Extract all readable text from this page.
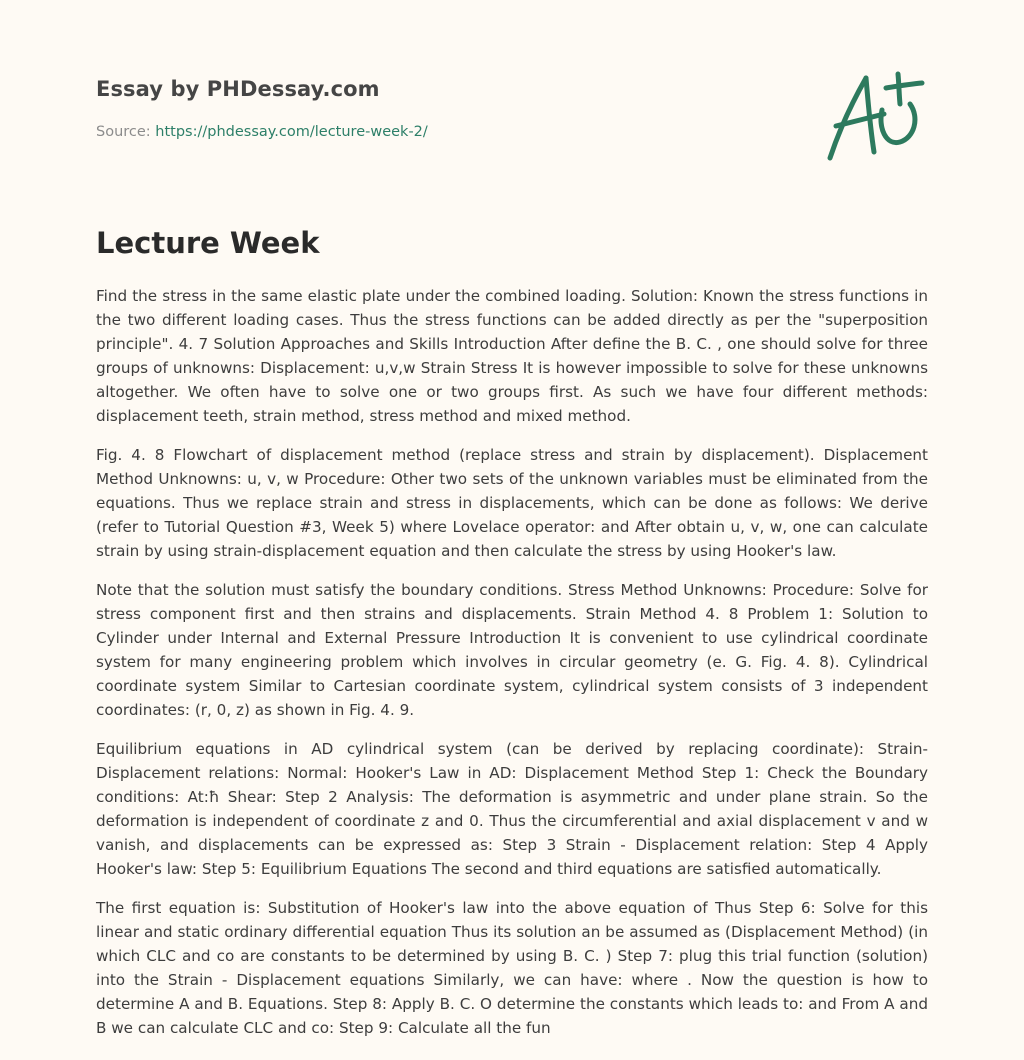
Essay by PHDessay.com
Source: https://phdessay.com/lecture-week-2/
Lecture Week

Find the stress in the same elastic plate under the combined loading. Solution: Known the stress functions in the two different loading cases. Thus the stress functions can be added directly as per the "superposition principle". 4. 7 Solution Approaches and Skills Introduction After define the B. C. , one should solve for three groups of unknowns: Displacement: u,v,w Strain Stress It is however impossible to solve for these unknowns altogether. We often have to solve one or two groups first. As such we have four different methods: displacement teeth, strain method, stress method and mixed method.

Fig. 4. 8 Flowchart of displacement method (replace stress and strain by displacement). Displacement Method Unknowns: u, v, w Procedure: Other two sets of the unknown variables must be eliminated from the equations. Thus we replace strain and stress in displacements, which can be done as follows: We derive (refer to Tutorial Question #3, Week 5) where Lovelace operator: and After obtain u, v, w, one can calculate strain by using strain-displacement equation and then calculate the stress by using Hooker's law.

Note that the solution must satisfy the boundary conditions. Stress Method Unknowns: Procedure: Solve for stress component first and then strains and displacements. Strain Method 4. 8 Problem 1: Solution to Cylinder under Internal and External Pressure Introduction It is convenient to use cylindrical coordinate system for many engineering problem which involves in circular geometry (e. G. Fig. 4. 8). Cylindrical coordinate system Similar to Cartesian coordinate system, cylindrical system consists of 3 independent coordinates: (r, 0, z) as shown in Fig. 4. 9.

Equilibrium equations in AD cylindrical system (can be derived by replacing coordinate): Strain-Displacement relations: Normal: Hooker's Law in AD: Displacement Method Step 1: Check the Boundary conditions: At:ħ Shear: Step 2 Analysis: The deformation is asymmetric and under plane strain. So the deformation is independent of coordinate z and 0. Thus the circumferential and axial displacement v and w vanish, and displacements can be expressed as: Step 3 Strain - Displacement relation: Step 4 Apply Hooker's law: Step 5: Equilibrium Equations The second and third equations are satisfied automatically.

The first equation is: Substitution of Hooker's law into the above equation of Thus Step 6: Solve for this linear and static ordinary differential equation Thus its solution an be assumed as (Displacement Method) (in which CLC and co are constants to be determined by using B. C. ) Step 7: plug this trial function (solution) into the Strain - Displacement equations Similarly, we can have: where . Now the question is how to determine A and B. Equations. Step 8: Apply B. C. O determine the constants which leads to: and From A and B we can calculate CLC and co: Step 9: Calculate all the fun
